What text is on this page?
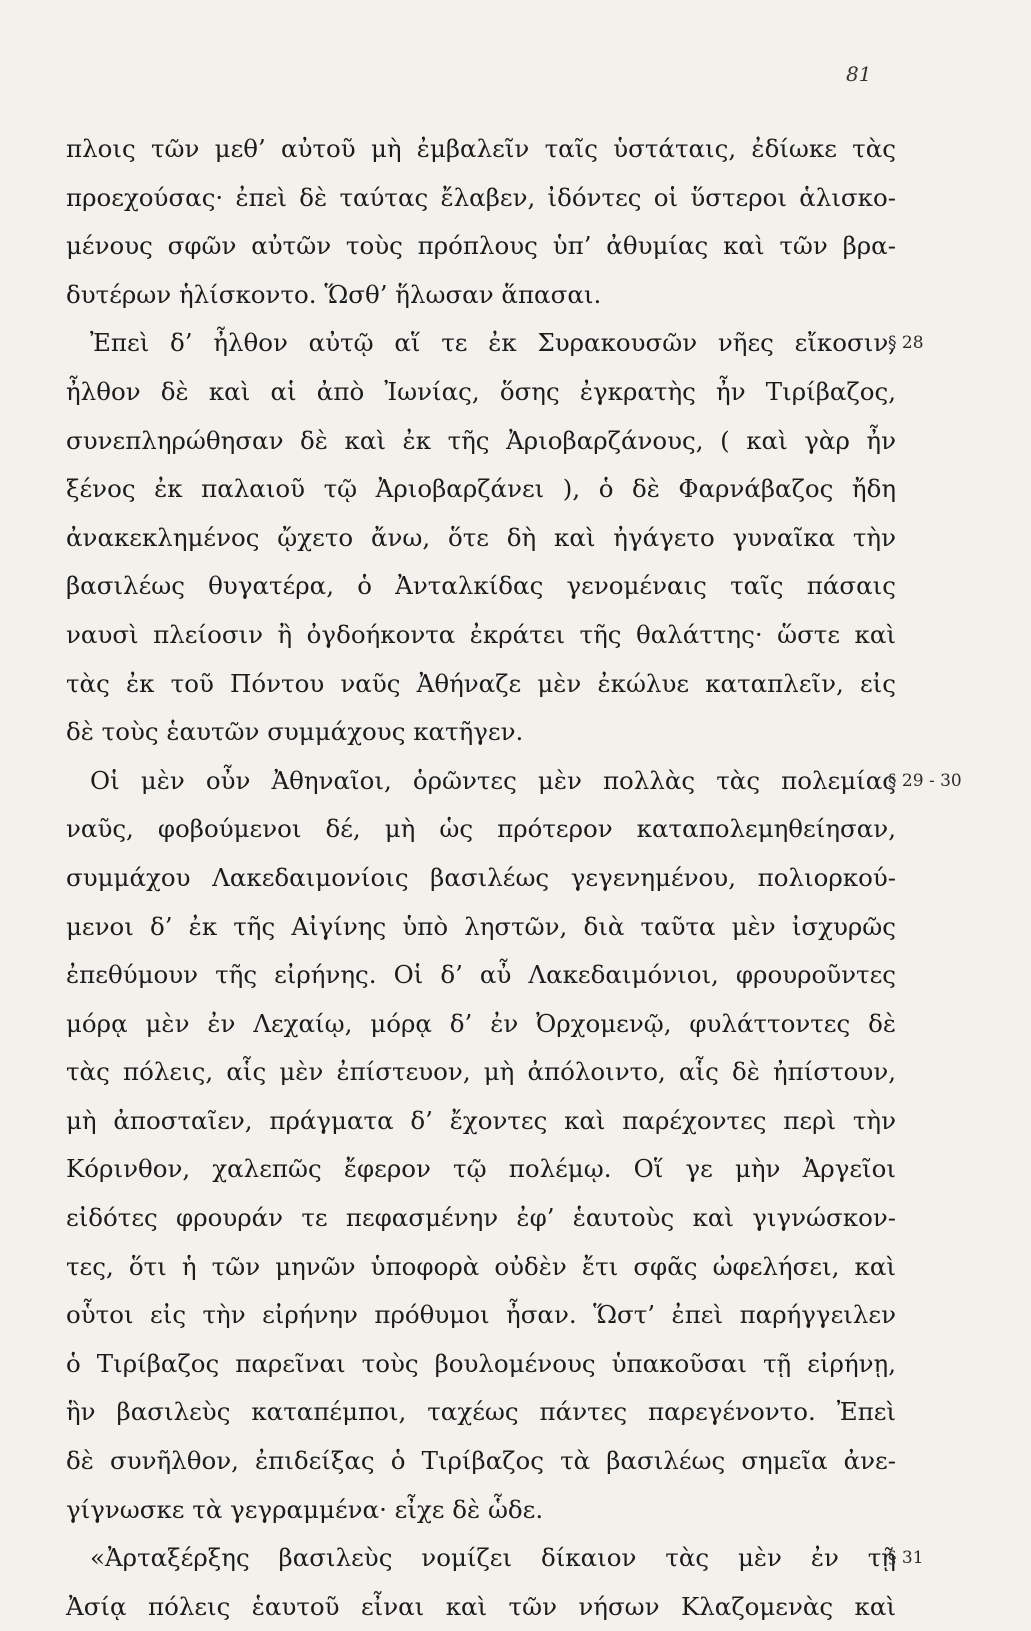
81
πλοις τῶν μεθ’ αὐτοῦ μὴ ἐμβαλεῖν ταῖς ὑστάταις, ἐδίωκε τὰς
προεχούσας· ἐπεὶ δὲ ταύτας ἔλαβεν, ἰδόντες οἱ ὕστεροι ἁλισκο-
μένους σφῶν αὐτῶν τοὺς πρόπλους ὑπ’ ἀθυμίας καὶ τῶν βρα-
δυτέρων ἡλίσκοντο. Ὥσθ’ ἥλωσαν ἅπασαι.
Ἐπεὶ δ’ ἦλθον αὐτῷ αἵ τε ἐκ Συρακουσῶν νῆες εἴκοσιν,
§ 28
ἦλθον δὲ καὶ αἱ ἀπὸ Ἰωνίας, ὅσης ἐγκρατὴς ἦν Τιρίβαζος,
συνεπληρώθησαν δὲ καὶ ἐκ τῆς Ἀριοβαρζάνους, ( καὶ γὰρ ἦν
ξένος ἐκ παλαιοῦ τῷ Ἀριοβαρζάνει ), ὁ δὲ Φαρνάβαζος ἤδη
ἀνακεκλημένος ᾤχετο ἄνω, ὅτε δὴ καὶ ἠγάγετο γυναῖκα τὴν
βασιλέως θυγατέρα, ὁ Ἀνταλκίδας γενομέναις ταῖς πάσαις
ναυσὶ πλείοσιν ἢ ὀγδοήκοντα ἐκράτει τῆς θαλάττης· ὥστε καὶ
τὰς ἐκ τοῦ Πόντου ναῦς Ἀθήναζε μὲν ἐκώλυε καταπλεῖν, εἰς
δὲ τοὺς ἑαυτῶν συμμάχους κατῆγεν.
Οἱ μὲν οὖν Ἀθηναῖοι, ὁρῶντες μὲν πολλὰς τὰς πολεμίας
§ 29 - 30
ναῦς, φοβούμενοι δέ, μὴ ὡς πρότερον καταπολεμηθείησαν,
συμμάχου Λακεδαιμονίοις βασιλέως γεγενημένου, πολιορκού-
μενοι δ’ ἐκ τῆς Αἰγίνης ὑπὸ ληστῶν, διὰ ταῦτα μὲν ἰσχυρῶς
ἐπεθύμουν τῆς εἰρήνης. Οἱ δ’ αὖ Λακεδαιμόνιοι, φρουροῦντες
μόρᾳ μὲν ἐν Λεχαίῳ, μόρᾳ δ’ ἐν Ὀρχομενῷ, φυλάττοντες δὲ
τὰς πόλεις, αἷς μὲν ἐπίστευον, μὴ ἀπόλοιντο, αἷς δὲ ἠπίστουν,
μὴ ἀποσταῖεν, πράγματα δ’ ἔχοντες καὶ παρέχοντες περὶ τὴν
Κόρινθον, χαλεπῶς ἔφερον τῷ πολέμῳ. Οἵ γε μὴν Ἀργεῖοι
εἰδότες φρουράν τε πεφασμένην ἐφ’ ἑαυτοὺς καὶ γιγνώσκον-
τες, ὅτι ἡ τῶν μηνῶν ὑποφορὰ οὐδὲν ἔτι σφᾶς ὠφελήσει, καὶ
οὗτοι εἰς τὴν εἰρήνην πρόθυμοι ἦσαν. Ὥστ’ ἐπεὶ παρήγγειλεν
ὁ Τιρίβαζος παρεῖναι τοὺς βουλομένους ὑπακοῦσαι τῇ εἰρήνῃ,
ἣν βασιλεὺς καταπέμποι, ταχέως πάντες παρεγένοντο. Ἐπεὶ
δὲ συνῆλθον, ἐπιδείξας ὁ Τιρίβαζος τὰ βασιλέως σημεῖα ἀνε-
γίγνωσκε τὰ γεγραμμένα· εἶχε δὲ ὧδε.
«Ἀρταξέρξης βασιλεὺς νομίζει δίκαιον τὰς μὲν ἐν τῇ
§ 31
Ἀσίᾳ πόλεις ἑαυτοῦ εἶναι καὶ τῶν νήσων Κλαζομενὰς καὶ
